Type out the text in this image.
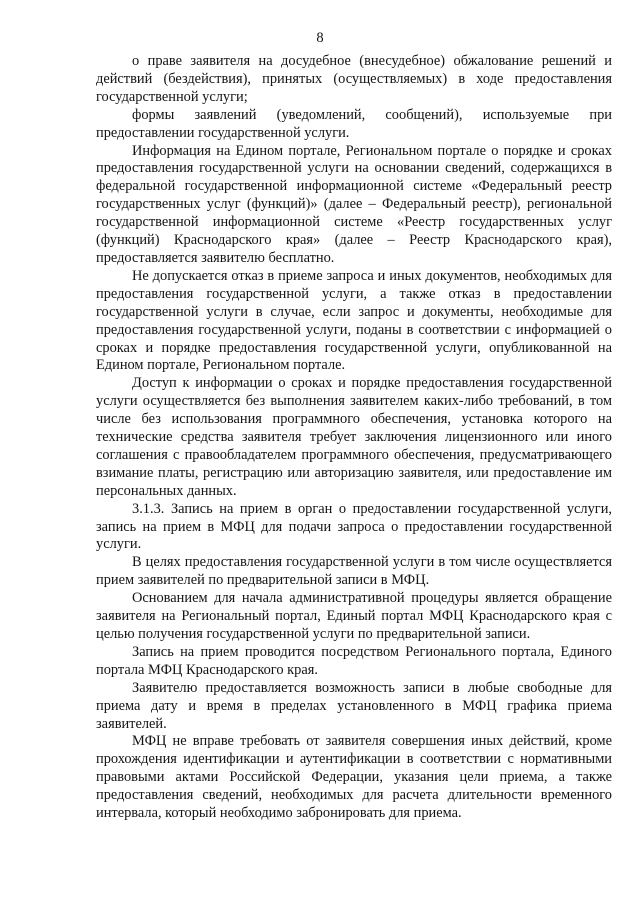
8

о праве заявителя на досудебное (внесудебное) обжалование решений и действий (бездействия), принятых (осуществляемых) в ходе предоставления государственной услуги;

формы заявлений (уведомлений, сообщений), используемые при предоставлении государственной услуги.

Информация на Едином портале, Региональном портале о порядке и сроках предоставления государственной услуги на основании сведений, содержащихся в федеральной государственной информационной системе «Федеральный реестр государственных услуг (функций)» (далее – Федеральный реестр), региональной государственной информационной системе «Реестр государственных услуг (функций) Краснодарского края» (далее – Реестр Краснодарского края), предоставляется заявителю бесплатно.

Не допускается отказ в приеме запроса и иных документов, необходимых для предоставления государственной услуги, а также отказ в предоставлении государственной услуги в случае, если запрос и документы, необходимые для предоставления государственной услуги, поданы в соответствии с информацией о сроках и порядке предоставления государственной услуги, опубликованной на Едином портале, Региональном портале.

Доступ к информации о сроках и порядке предоставления государственной услуги осуществляется без выполнения заявителем каких-либо требований, в том числе без использования программного обеспечения, установка которого на технические средства заявителя требует заключения лицензионного или иного соглашения с правообладателем программного обеспечения, предусматривающего взимание платы, регистрацию или авторизацию заявителя, или предоставление им персональных данных.

3.1.3. Запись на прием в орган о предоставлении государственной услуги, запись на прием в МФЦ для подачи запроса о предоставлении государственной услуги.

В целях предоставления государственной услуги в том числе осуществляется прием заявителей по предварительной записи в МФЦ.

Основанием для начала административной процедуры является обращение заявителя на Региональный портал, Единый портал МФЦ Краснодарского края с целью получения государственной услуги по предварительной записи.

Запись на прием проводится посредством Регионального портала, Единого портала МФЦ Краснодарского края.

Заявителю предоставляется возможность записи в любые свободные для приема дату и время в пределах установленного в МФЦ графика приема заявителей.

МФЦ не вправе требовать от заявителя совершения иных действий, кроме прохождения идентификации и аутентификации в соответствии с нормативными правовыми актами Российской Федерации, указания цели приема, а также предоставления сведений, необходимых для расчета длительности временного интервала, который необходимо забронировать для приема.
